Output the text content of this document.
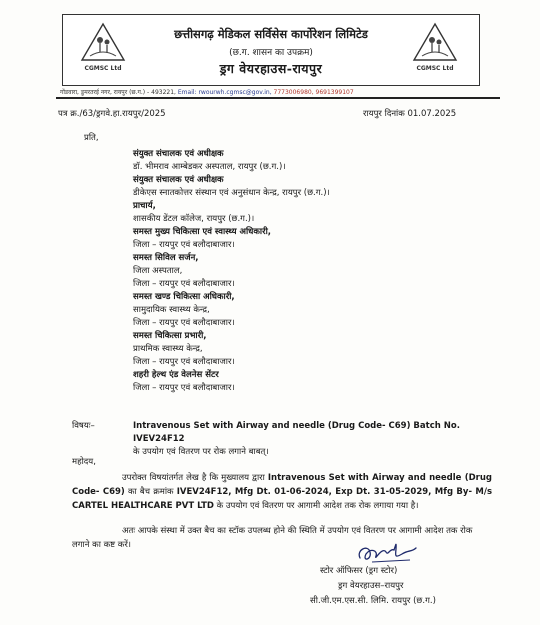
CGMSC Ltd	CGMSC Ltd
छत्तीसगढ़ मेडिकल सर्विसेस कार्पोरेशन लिमिटेड
(छ.ग. शासन का उपक्रम)
ड्रग वेयरहाउस-रायपुर
गोंडवारा, डुमरतरई नगर, रायपुर (छ.ग.) - 493221, Email: rwourwh.cgmsc@gov.in, 7773006980, 9691399107
पत्र क्र./63/ड्रगवे.हा.रायपुर/2025	रायपुर दिनांक 01.07.2025
प्रति,
संयुक्त संचालक एवं अधीक्षक
डॉ. भीमराव आम्बेडकर अस्पताल, रायपुर (छ.ग.)।
संयुक्त संचालक एवं अधीक्षक
डीकेएस स्नातकोत्तर संस्थान एवं अनुसंधान केन्द्र, रायपुर (छ.ग.)।
प्राचार्य,
शासकीय डेंटल कॉलेज, रायपुर (छ.ग.)।
समस्त मुख्य चिकित्सा एवं स्वास्थ्य अधिकारी,
जिला – रायपुर एवं बलौदाबाजार।
समस्त सिविल सर्जन,
जिला अस्पताल,
जिला – रायपुर एवं बलौदाबाजार।
समस्त खण्ड चिकित्सा अधिकारी,
सामुदायिक स्वास्थ्य केन्द्र,
जिला – रायपुर एवं बलौदाबाजार।
समस्त चिकित्सा प्रभारी,
प्राथमिक स्वास्थ्य केन्द्र,
जिला – रायपुर एवं बलौदाबाजार।
शहरी हेल्थ एंड वेलनेस सेंटर
जिला – रायपुर एवं बलौदाबाजार।
विषयः–	Intravenous Set with Airway and needle (Drug Code- C69) Batch No. IVEV24F12
के उपयोग एवं वितरण पर रोक लगाने बाबत्।
महोदय,
उपरोक्त विषयांतर्गत लेख है कि मुख्यालय द्वारा Intravenous Set with Airway and needle (Drug Code- C69) का बैच क्रमांक IVEV24F12, Mfg Dt. 01-06-2024, Exp Dt. 31-05-2029, Mfg By- M/s CARTEL HEALTHCARE PVT LTD के उपयोग एवं वितरण पर आगामी आदेश तक रोक लगाया गया है।
अतः आपके संस्था में उक्त बैच का स्टॉक उपलब्ध होने की स्थिति में उपयोग एवं वितरण पर आगामी आदेश तक रोक लगाने का कष्ट करें।
स्टोर ऑफिसर (ड्रग स्टोर)
ड्रग वेयरहाउस–रायपुर
सी.जी.एम.एस.सी. लिमि. रायपुर (छ.ग.)
